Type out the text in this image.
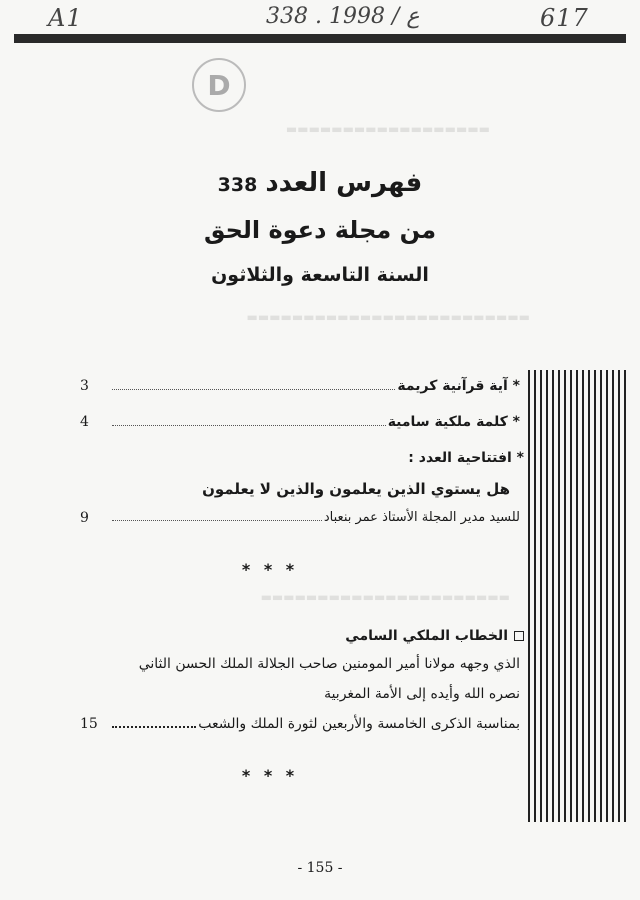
A1	338 . ع / 1998	617
D
▬▬▬▬▬▬▬▬▬▬▬▬▬▬▬▬▬▬
▬▬▬▬▬▬▬▬▬▬▬▬▬▬▬▬▬▬▬▬▬▬▬▬▬
▬▬▬▬▬▬▬▬▬▬▬▬▬▬▬▬▬▬▬▬▬▬
فهرس العدد338
من مجلة دعوة الحق
السنة التاسعة والثلاثون
* آية قرآنية كريمة
3
* كلمة ملكية سامية
4
* افتتاحية العدد :
هل يستوي الذين يعلمون والذين لا يعلمون
للسيد مدير المجلة الأستاذ عمر بنعباد
9
* * *
الخطاب الملكي السامي
الذي وجهه مولانا أمير المومنين صاحب الجلالة الملك الحسن الثاني
نصره الله وأيده إلى الأمة المغربية
بمناسبة الذكرى الخامسة والأربعين لثورة الملك والشعب
15
* * *
- 155 -
